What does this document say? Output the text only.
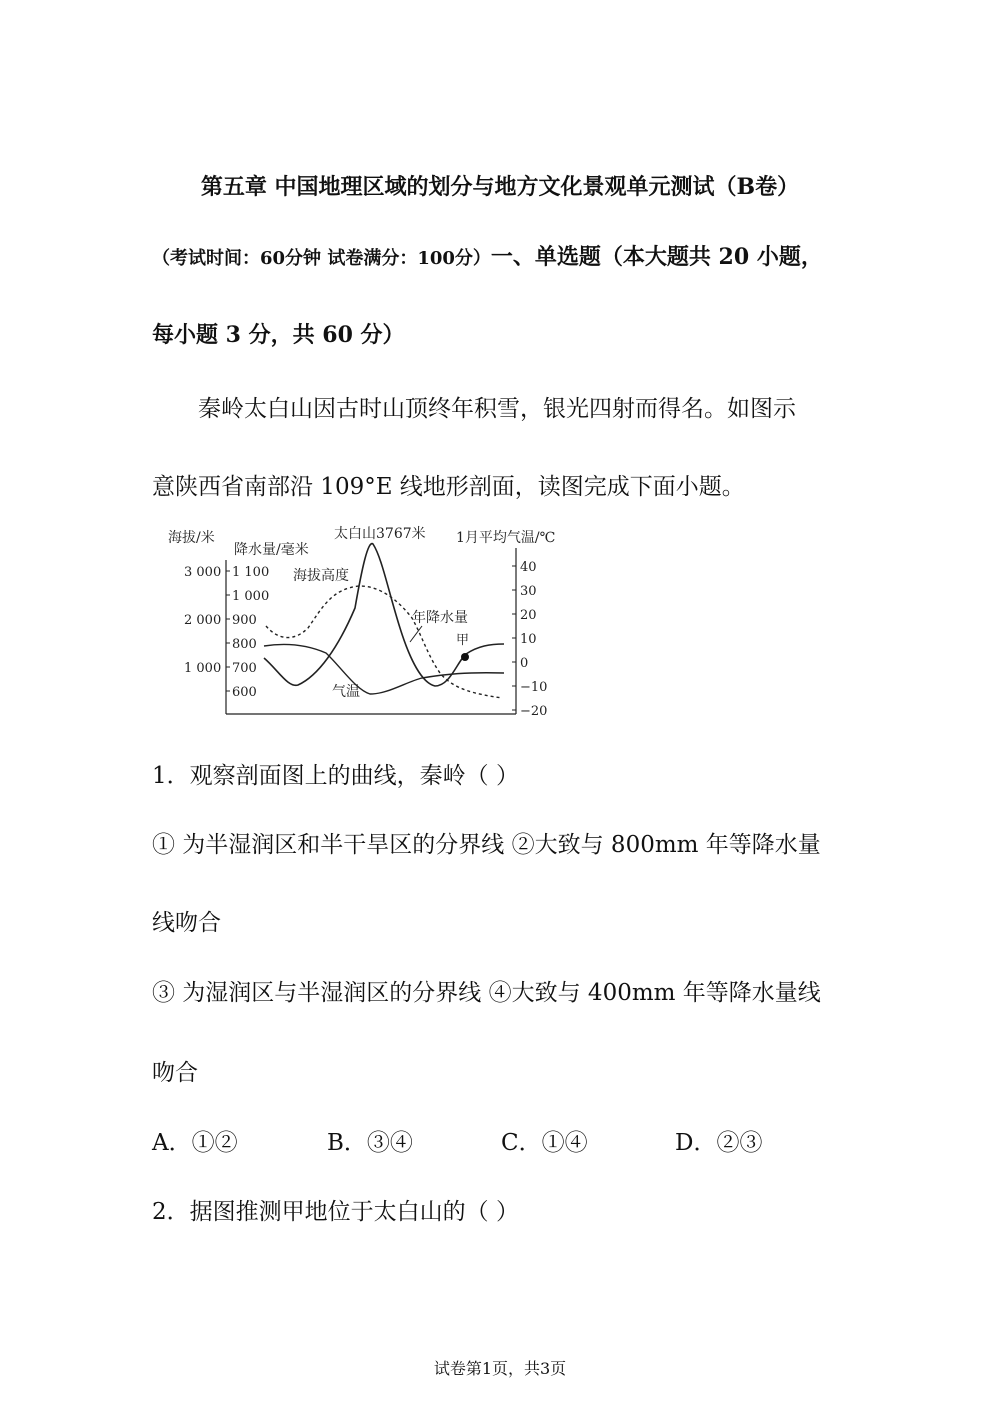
第五章 中国地理区域的划分与地方文化景观单元测试（B卷）
（考试时间：60分钟 试卷满分：100分）一、单选题（本大题共 20 小题，
每小题 3 分，共 60 分）
秦岭太白山因古时山顶终年积雪，银光四射而得名。如图示
意陕西省南部沿 109°E 线地形剖面，读图完成下面小题。
海拔/米
降水量/毫米
1月平均气温/℃
3 000
2 000
1 000
1 100
1 000
900
800
700
600
40
30
20
10
0
−10
−20
甲
太白山3767米
海拔高度
年降水量
气温
1．观察剖面图上的曲线，秦岭（ ）
① 为半湿润区和半干旱区的分界线 ②大致与 800mm 年等降水量
线吻合
③ 为湿润区与半湿润区的分界线 ④大致与 400mm 年等降水量线
吻合
A．①②	B．③④	C．①④	D．②③
2．据图推测甲地位于太白山的（ ）
试卷第1页，共3页
